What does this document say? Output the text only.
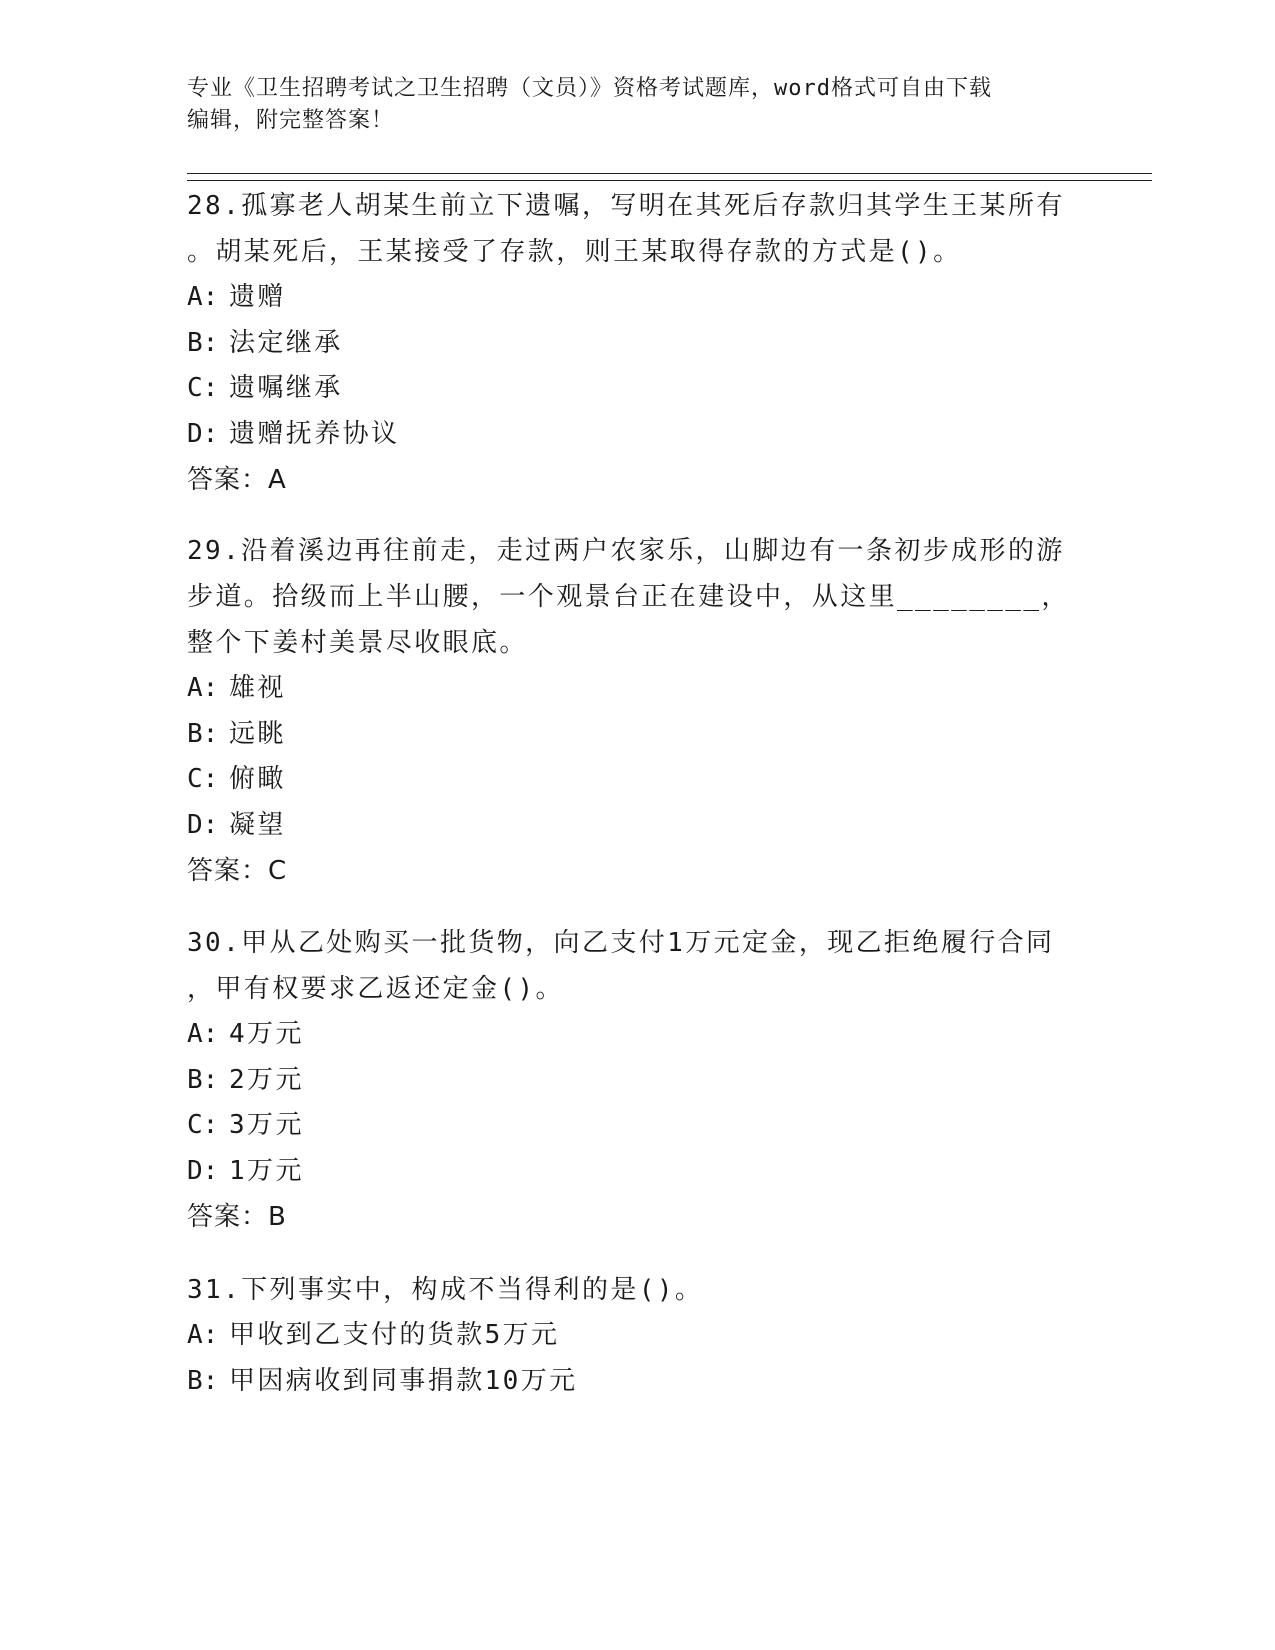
专业《卫生招聘考试之卫生招聘（文员）》资格考试题库，word格式可自由下载
编辑，附完整答案！
28.孤寡老人胡某生前立下遗嘱，写明在其死后存款归其学生王某所有
。胡某死后，王某接受了存款，则王某取得存款的方式是()。
A: 遗赠
B: 法定继承
C: 遗嘱继承
D: 遗赠抚养协议
答案：A
29.沿着溪边再往前走，走过两户农家乐，山脚边有一条初步成形的游
步道。拾级而上半山腰，一个观景台正在建设中，从这里________，
整个下姜村美景尽收眼底。
A: 雄视
B: 远眺
C: 俯瞰
D: 凝望
答案：C
30.甲从乙处购买一批货物，向乙支付1万元定金，现乙拒绝履行合同
，甲有权要求乙返还定金()。
A: 4万元
B: 2万元
C: 3万元
D: 1万元
答案：B
31.下列事实中，构成不当得利的是()。
A: 甲收到乙支付的货款5万元
B: 甲因病收到同事捐款10万元
